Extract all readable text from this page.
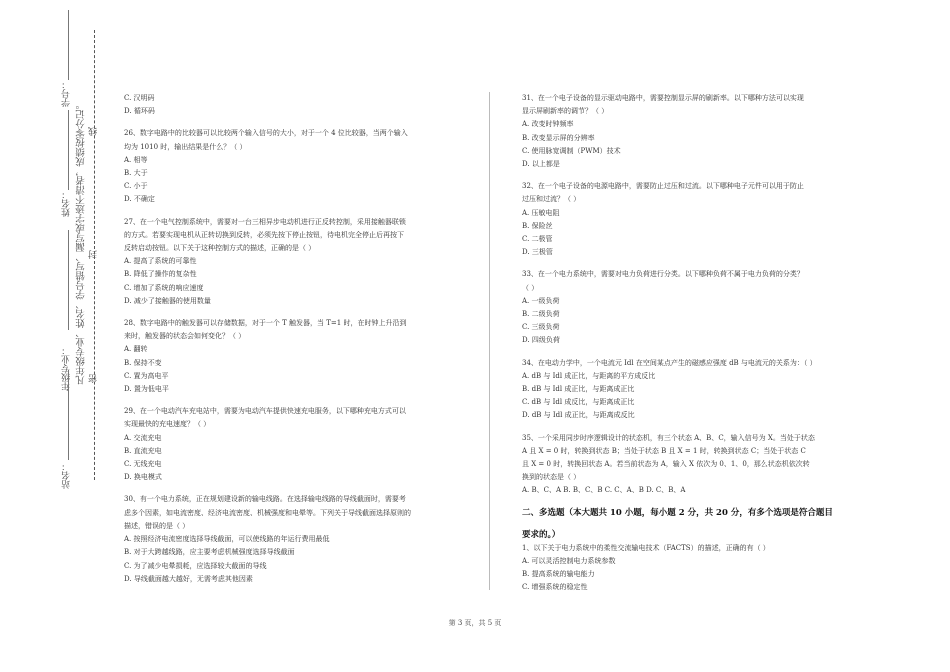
学号：
姓名：
年级专业：
站名：
凡年级专业、姓名、学号错写、漏写或字迹不清者，成绩按零分记。 密
封
线

C. 汉明码

D. 循环码

26、数字电路中的比较器可以比较两个输入信号的大小，对于一个 4 位比较器，当两个输入

均为 1010 时，输出结果是什么？（ ）

A. 相等

B. 大于

C. 小于

D. 不确定

27、在一个电气控制系统中，需要对一台三相异步电动机进行正反转控制，采用接触器联锁

的方式。若要实现电机从正转切换到反转，必须先按下停止按钮，待电机完全停止后再按下

反转启动按钮。以下关于这种控制方式的描述，正确的是（ ）

A. 提高了系统的可靠性

B. 降低了操作的复杂性

C. 增加了系统的响应速度

D. 减少了接触器的使用数量

28、数字电路中的触发器可以存储数据，对于一个 T 触发器，当 T=1 时，在时钟上升沿到

来时，触发器的状态会如何变化？（ ）

A. 翻转

B. 保持不变

C. 置为高电平

D. 置为低电平

29、在一个电动汽车充电站中，需要为电动汽车提供快速充电服务，以下哪种充电方式可以

实现最快的充电速度？（ ）

A. 交流充电

B. 直流充电

C. 无线充电

D. 换电模式

30、有一个电力系统，正在规划建设新的输电线路。在选择输电线路的导线截面时，需要考

虑多个因素，如电流密度、经济电流密度、机械强度和电晕等。下列关于导线截面选择原则的

描述，错误的是（ ）

A. 按照经济电流密度选择导线截面，可以使线路的年运行费用最低

B. 对于大跨越线路，应主要考虑机械强度选择导线截面

C. 为了减少电晕损耗，应选择较大截面的导线

D. 导线截面越大越好，无需考虑其他因素

31、在一个电子设备的显示驱动电路中，需要控制显示屏的刷新率。以下哪种方法可以实现

显示屏刷新率的调节？（ ）

A. 改变时钟频率

B. 改变显示屏的分辨率

C. 使用脉宽调制（PWM）技术

D. 以上都是

32、在一个电子设备的电源电路中，需要防止过压和过流。以下哪种电子元件可以用于防止

过压和过流？（ ）

A. 压敏电阻

B. 保险丝

C. 二极管

D. 三极管

33、在一个电力系统中，需要对电力负荷进行分类。以下哪种负荷不属于电力负荷的分类？

（ ）

A. 一级负荷

B. 二级负荷

C. 三级负荷

D. 四级负荷

34、在电动力学中，一个电流元 Idl 在空间某点产生的磁感应强度 dB 与电流元的关系为：（ ）

A. dB 与 Idl 成正比，与距离的平方成反比

B. dB 与 Idl 成正比，与距离成正比

C. dB 与 Idl 成反比，与距离成正比

D. dB 与 Idl 成正比，与距离成反比

35、一个采用同步时序逻辑设计的状态机，有三个状态 A、B、C，输入信号为 X。当处于状态

A 且 X = 0 时，转换到状态 B；当处于状态 B 且 X = 1 时，转换到状态 C；当处于状态 C

且 X = 0 时，转换回状态 A。若当前状态为 A，输入 X 依次为 0、1、0，那么状态机依次转

换到的状态是（ ）

A. B、C、A B. B、C、B C. C、A、B D. C、B、A

二、多选题（本大题共 10 小题，每小题 2 分，共 20 分，有多个选项是符合题目

要求的。）

1、以下关于电力系统中的柔性交流输电技术（FACTS）的描述，正确的有（ ）

A. 可以灵活控制电力系统参数

B. 提高系统的输电能力

C. 增强系统的稳定性

第 3 页，共 5 页
